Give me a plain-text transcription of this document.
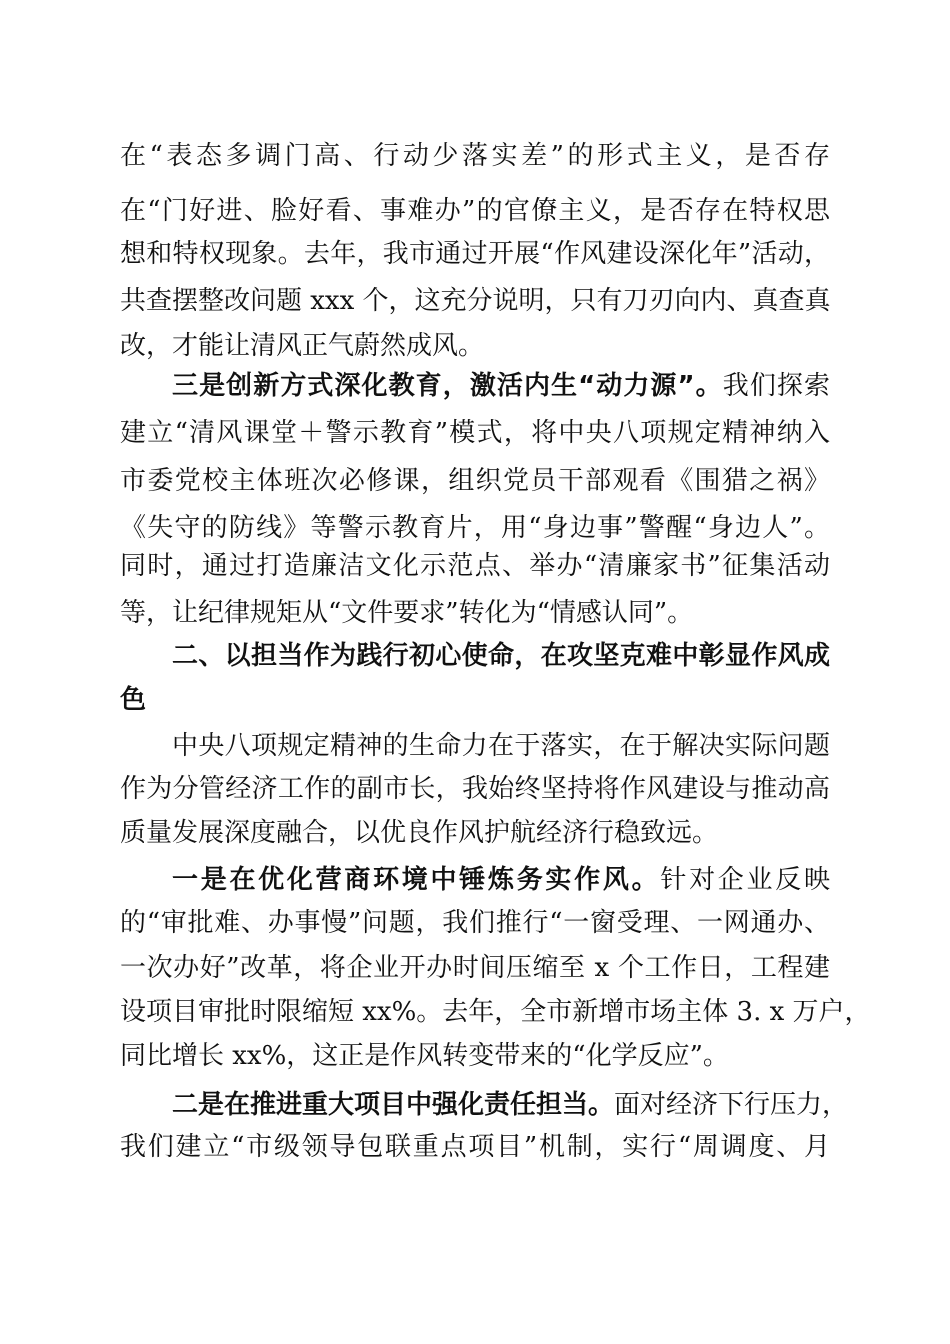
在“表态多调门高、行动少落实差”的形式主义，是否存
在“门好进、脸好看、事难办”的官僚主义，是否存在特权思
想和特权现象。去年，我市通过开展“作风建设深化年”活动，
共查摆整改问题 xxx 个，这充分说明，只有刀刃向内、真查真
改，才能让清风正气蔚然成风。
三是创新方式深化教育，激活内生“动力源”。我们探索
建立“清风课堂＋警示教育”模式，将中央八项规定精神纳入
市委党校主体班次必修课，组织党员干部观看《围猎之祸》
《失守的防线》等警示教育片，用“身边事”警醒“身边人”。
同时，通过打造廉洁文化示范点、举办“清廉家书”征集活动
等，让纪律规矩从“文件要求”转化为“情感认同”。
二、以担当作为践行初心使命，在攻坚克难中彰显作风成
色
中央八项规定精神的生命力在于落实，在于解决实际问题
作为分管经济工作的副市长，我始终坚持将作风建设与推动高
质量发展深度融合，以优良作风护航经济行稳致远。
一是在优化营商环境中锤炼务实作风。针对企业反映
的“审批难、办事慢”问题，我们推行“一窗受理、一网通办、
一次办好”改革，将企业开办时间压缩至 x 个工作日，工程建
设项目审批时限缩短 xx%。去年，全市新增市场主体 3. x 万户，
同比增长 xx%，这正是作风转变带来的“化学反应”。
二是在推进重大项目中强化责任担当。面对经济下行压力，
我们建立“市级领导包联重点项目”机制，实行“周调度、月
